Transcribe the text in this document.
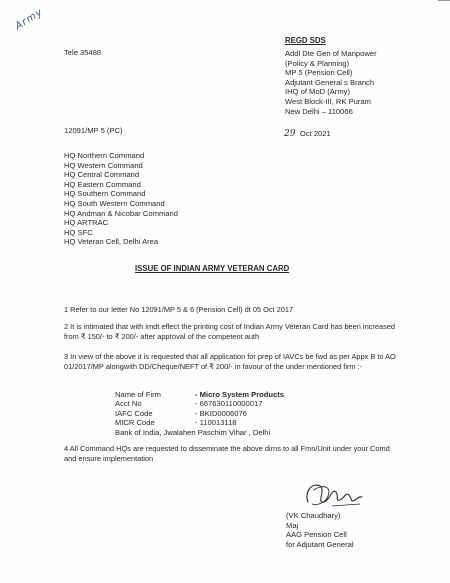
Army
Tele 35488
REGD SDS
Addl Dte Gen of Manpower
(Policy & Planning)
MP 5 (Pension Cell)
Adjutant General s Branch
IHQ of MoD (Army)
West Block-III, RK Puram
New Delhi – 110066
12091/MP 5 (PC)	29 Oct 2021
HQ Northern Command
HQ Western Command
HQ Central Command
HQ Eastern Command
HQ Southern Command
HQ South Western Command
HQ Andman & Nicobar Command
HQ ARTRAC
HQ SFC
HQ Veteran Cell, Delhi Area
ISSUE OF INDIAN ARMY VETERAN CARD
1 Refer to our letter No 12091/MP 5 & 6 (Pension Cell) dt 05 Oct 2017
2 It is intimated that with imdt effect the printing cost of Indian Army Veteran Card has been increased from ₹ 150/- to ₹ 200/- after approval of the competent auth
3 In view of the above it is requested that all application for prep of IAVCs be fwd as per Appx B to AO 01/2017/MP alongwith DD/Cheque/NEFT of ₹ 200/- in favour of the under mentioned firm :-
Name of Firm	- Micro System Products
Acct No	- 667630110000017
IAFC Code	- BKID0006076
MICR Code	- 110013118
Bank of India, Jwalahen Paschim Vihar , Delhi
4 All Command HQs are requested to disseminate the above dirns to all Fmn/Unit under your Comd and ensure implementation
(VK Chaudhary)
Maj
AAG Pension Cell
for Adjutant General
